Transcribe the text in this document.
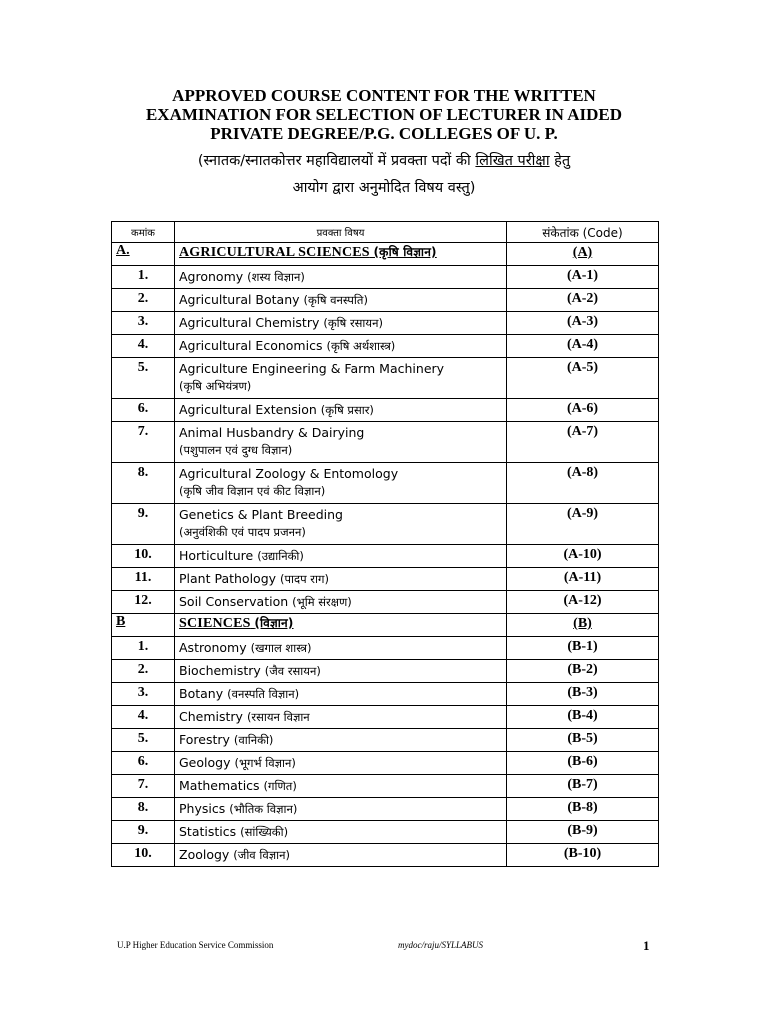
APPROVED COURSE CONTENT FOR THE WRITTEN
EXAMINATION FOR SELECTION OF LECTURER IN AIDED
PRIVATE DEGREE/P.G. COLLEGES OF U. P.
(स्नातक/स्नातकोत्तर महाविद्यालयों में प्रवक्ता पदों की लिखित परीक्षा हेतु
आयोग द्वारा अनुमोदित विषय वस्तु)
कमांक	प्रवक्ता विषय	संकेतांक (Code)
A.	AGRICULTURAL SCIENCES (कृषि विज्ञान)	(A)
1.	Agronomy (शस्य विज्ञान)	(A-1)
2.	Agricultural Botany (कृषि वनस्पति)	(A-2)
3.	Agricultural Chemistry (कृषि रसायन)	(A-3)
4.	Agricultural Economics (कृषि अर्थशास्त्र)	(A-4)
5.	Agriculture Engineering & Farm Machinery
(कृषि अभियंत्रण)	(A-5)
6.	Agricultural Extension (कृषि प्रसार)	(A-6)
7.	Animal Husbandry & Dairying
(पशुपालन एवं दुग्ध विज्ञान)	(A-7)
8.	Agricultural Zoology & Entomology
(कृषि जीव विज्ञान एवं कीट विज्ञान)	(A-8)
9.	Genetics & Plant Breeding
(अनुवंशिकी एवं पादप प्रजनन)	(A-9)
10.	Horticulture (उद्यानिकी)	(A-10)
11.	Plant Pathology (पादप राग)	(A-11)
12.	Soil Conservation (भूमि संरक्षण)	(A-12)
B	SCIENCES (विज्ञान)	(B)
1.	Astronomy (खगाल शास्त्र)	(B-1)
2.	Biochemistry (जैव रसायन)	(B-2)
3.	Botany (वनस्पति विज्ञान)	(B-3)
4.	Chemistry (रसायन विज्ञान	(B-4)
5.	Forestry (वानिकी)	(B-5)
6.	Geology (भूगर्भ विज्ञान)	(B-6)
7.	Mathematics (गणित)	(B-7)
8.	Physics (भौतिक विज्ञान)	(B-8)
9.	Statistics (सांख्यिकी)	(B-9)
10.	Zoology (जीव विज्ञान)	(B-10)
U.P Higher Education Service Commission	mydoc/raju/SYLLABUS	1
